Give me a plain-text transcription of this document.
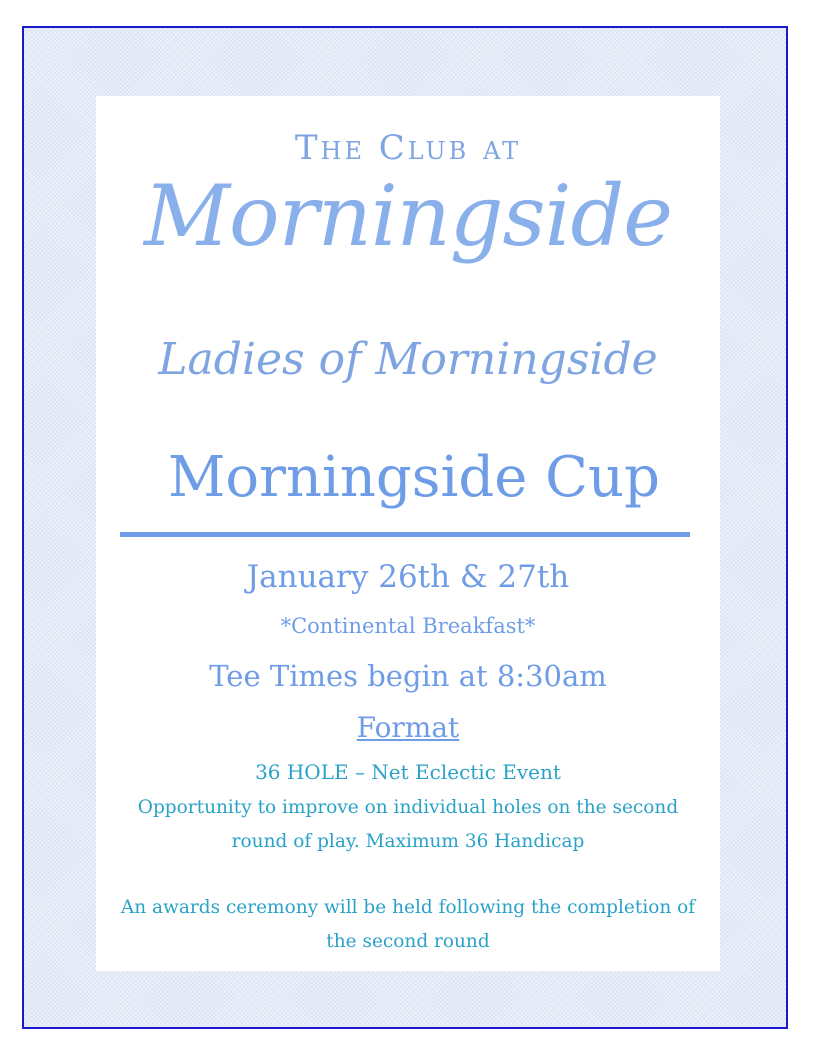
The Club at
Morningside
Ladies of Morningside
Morningside Cup
January 26th & 27th
*Continental Breakfast*
Tee Times begin at 8:30am
Format
36 HOLE – Net Eclectic Event
Opportunity to improve on individual holes on the second round of play. Maximum 36 Handicap
An awards ceremony will be held following the completion of the second round
